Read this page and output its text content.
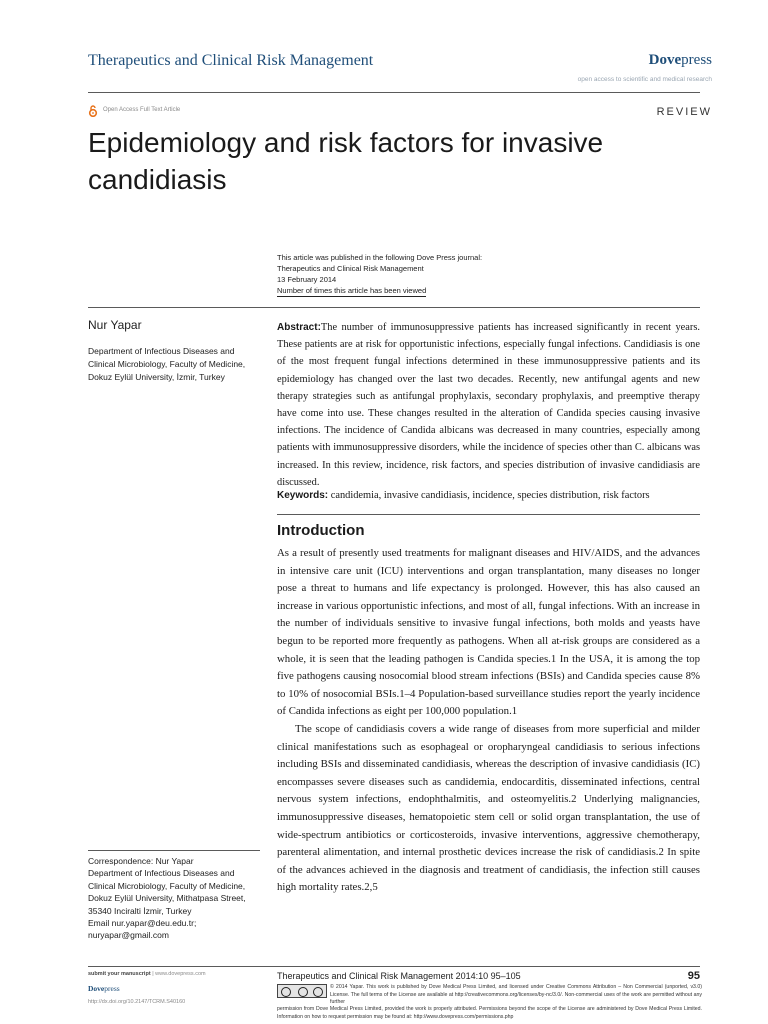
Therapeutics and Clinical Risk Management	Dovepress
open access to scientific and medical research
Open Access Full Text Article	REVIEW
Epidemiology and risk factors for invasive
candidiasis
This article was published in the following Dove Press journal:
Therapeutics and Clinical Risk Management
13 February 2014
Number of times this article has been viewed
Nur Yapar
Department of Infectious Diseases and Clinical Microbiology, Faculty of Medicine, Dokuz Eylül University, İzmir, Turkey
Abstract:The number of immunosuppressive patients has increased significantly in recent years. These patients are at risk for opportunistic infections, especially fungal infections. Candidiasis is one of the most frequent fungal infections determined in these immunosuppressive patients and its epidemiology has changed over the last two decades. Recently, new antifungal agents and new therapy strategies such as antifungal prophylaxis, secondary prophylaxis, and preemptive therapy have come into use. These changes resulted in the alteration of Candida species causing invasive infections. The incidence of Candida albicans was decreased in many countries, especially among patients with immunosuppressive disorders, while the incidence of species other than C. albicans was increased. In this review, incidence, risk factors, and species distribution of invasive candidiasis are discussed.
Keywords: candidemia, invasive candidiasis, incidence, species distribution, risk factors
Introduction

As a result of presently used treatments for malignant diseases and HIV/AIDS, and the advances in intensive care unit (ICU) interventions and organ transplantation, many diseases no longer pose a threat to humans and life expectancy is prolonged. However, this has also caused an increase in various opportunistic infections, and most of all, fungal infections. With an increase in the number of individuals sensitive to invasive fungal infections, both molds and yeasts have begun to be reported more frequently as pathogens. When all at-risk groups are considered as a whole, it is seen that the leading pathogen is Candida species.1 In the USA, it is among the top five pathogens causing nosocomial blood stream infections (BSIs) and Candida species cause 8% to 10% of nosocomial BSIs.1–4 Population-based surveillance studies report the yearly incidence of Candida infections as eight per 100,000 population.1

The scope of candidiasis covers a wide range of diseases from more superficial and milder clinical manifestations such as esophageal or oropharyngeal candidiasis to serious infections including BSIs and disseminated candidiasis, whereas the description of invasive candidiasis (IC) encompasses severe diseases such as candidemia, endocarditis, disseminated infections, central nervous system infections, endophthalmitis, and osteomyelitis.2 Underlying malignancies, immunosuppressive diseases, hematopoietic stem cell or solid organ transplantation, the use of wide-spectrum antibiotics or corticosteroids, invasive interventions, aggressive chemotherapy, parenteral alimentation, and internal prosthetic devices increase the risk of candidiasis.2 In spite of the advances achieved in the diagnosis and treatment of candidiasis, the infection still causes high mortality rates.2,5

Correspondence: Nur Yapar
Department of Infectious Diseases and
Clinical Microbiology, Faculty of Medicine,
Dokuz Eylül University, Mithatpasa Street,
35340 Inciralti İzmir, Turkey
Email nur.yapar@deu.edu.tr;
nuryapar@gmail.com
submit your manuscript | www.dovepress.com
Dovepress
http://dx.doi.org/10.2147/TCRM.S40160
Therapeutics and Clinical Risk Management 2014:10 95–105	95
© 2014 Yapar. This work is published by Dove Medical Press Limited, and licensed under Creative Commons Attribution – Non Commercial (unported, v3.0) License. The full terms of the License are available at http://creativecommons.org/licenses/by-nc/3.0/. Non-commercial uses of the work are permitted without any further
permission from Dove Medical Press Limited, provided the work is properly attributed. Permissions beyond the scope of the License are administered by Dove Medical Press Limited. Information on how to request permission may be found at: http://www.dovepress.com/permissions.php
